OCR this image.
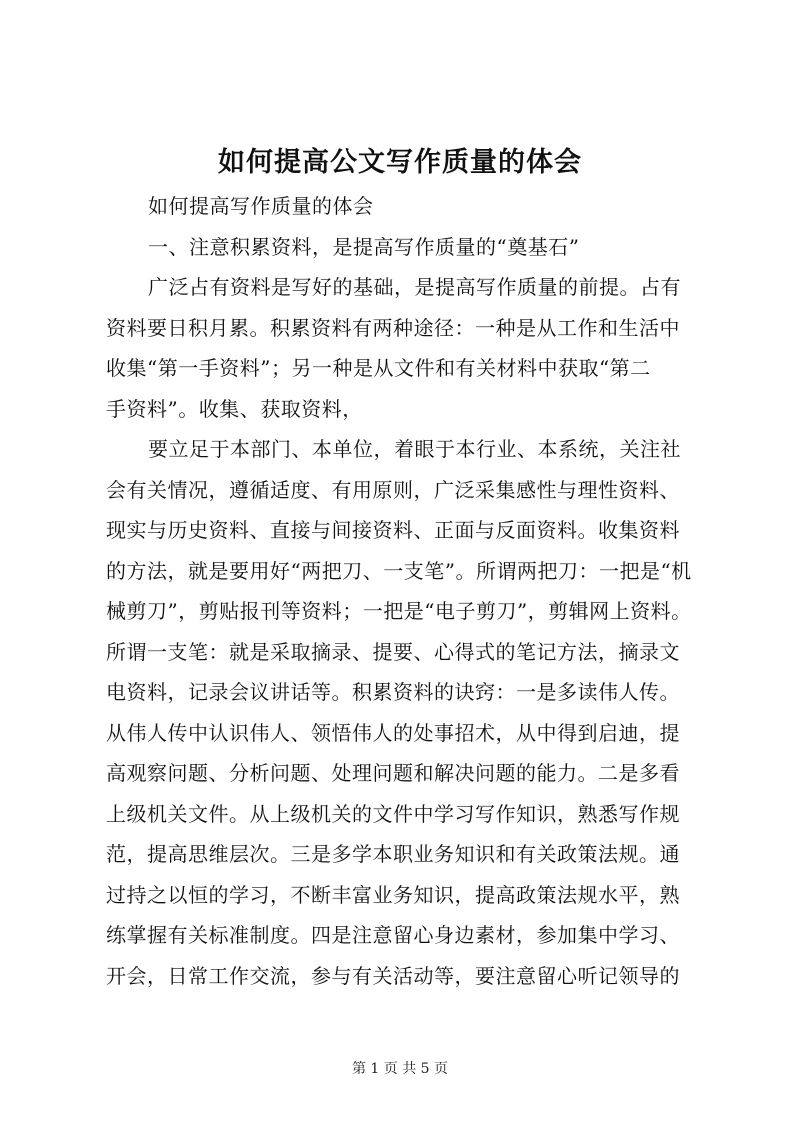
如何提高公文写作质量的体会
如何提高写作质量的体会
一、注意积累资料，是提高写作质量的“奠基石”
广泛占有资料是写好的基础，是提高写作质量的前提。占有
资料要日积月累。积累资料有两种途径：一种是从工作和生活中
收集“第一手资料”；另一种是从文件和有关材料中获取“第二
手资料”。收集、获取资料，
要立足于本部门、本单位，着眼于本行业、本系统，关注社
会有关情况，遵循适度、有用原则，广泛采集感性与理性资料、
现实与历史资料、直接与间接资料、正面与反面资料。收集资料
的方法，就是要用好“两把刀、一支笔”。所谓两把刀：一把是“机
械剪刀”，剪贴报刊等资料；一把是“电子剪刀”，剪辑网上资料。
所谓一支笔：就是采取摘录、提要、心得式的笔记方法，摘录文
电资料，记录会议讲话等。积累资料的诀窍：一是多读伟人传。
从伟人传中认识伟人、领悟伟人的处事招术，从中得到启迪，提
高观察问题、分析问题、处理问题和解决问题的能力。二是多看
上级机关文件。从上级机关的文件中学习写作知识，熟悉写作规
范，提高思维层次。三是多学本职业务知识和有关政策法规。通
过持之以恒的学习，不断丰富业务知识，提高政策法规水平，熟
练掌握有关标准制度。四是注意留心身边素材，参加集中学习、
开会，日常工作交流，参与有关活动等，要注意留心听记领导的
第 1 页 共 5 页
